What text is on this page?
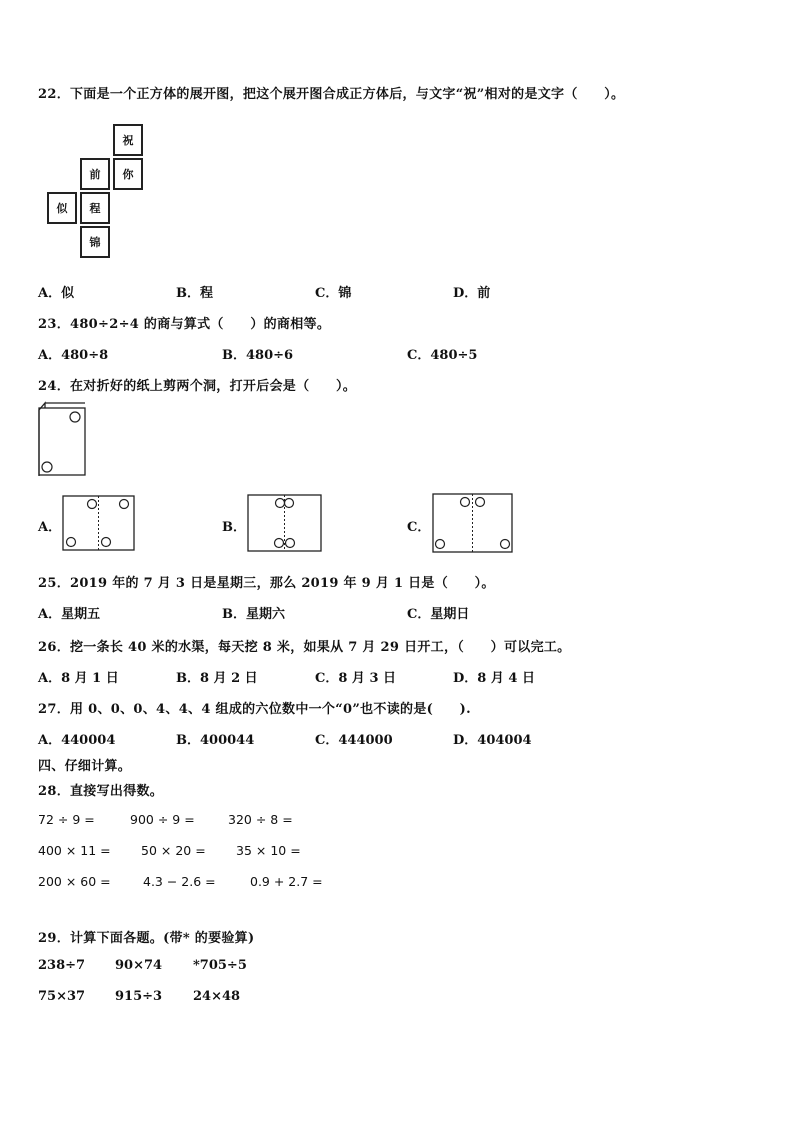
22．下面是一个正方体的展开图，把这个展开图合成正方体后，与文字“祝”相对的是文字（　　）。
祝
前	你
似	程
锦
A．似	B．程	C．锦	D．前
23．480÷2÷4 的商与算式（　　）的商相等。
A．480÷8	B．480÷6	C．480÷5
24．在对折好的纸上剪两个洞，打开后会是（　　）。
A．	B．	C．
25．2019 年的 7 月 3 日是星期三，那么 2019 年 9 月 1 日是（　　）。
A．星期五	B．星期六	C．星期日
26．挖一条长 40 米的水渠，每天挖 8 米，如果从 7 月 29 日开工，（　　）可以完工。
A．8 月 1 日	B．8 月 2 日	C．8 月 3 日	D．8 月 4 日
27．用 0、0、0、4、4、4 组成的六位数中一个“0”也不读的是(　　).
A．440004	B．400044	C．444000	D．404004
四、仔细计算。
28．直接写出得数。
72 ÷ 9 =	900 ÷ 9 =	320 ÷ 8 =
400 × 11 = 50 × 20 = 35 × 10 =
200 × 60 =	4.3 − 2.6 =	0.9 + 2.7 =
29．计算下面各题。(带* 的要验算)
238÷7 90×74 *705÷5
75×37 915÷3 24×48
